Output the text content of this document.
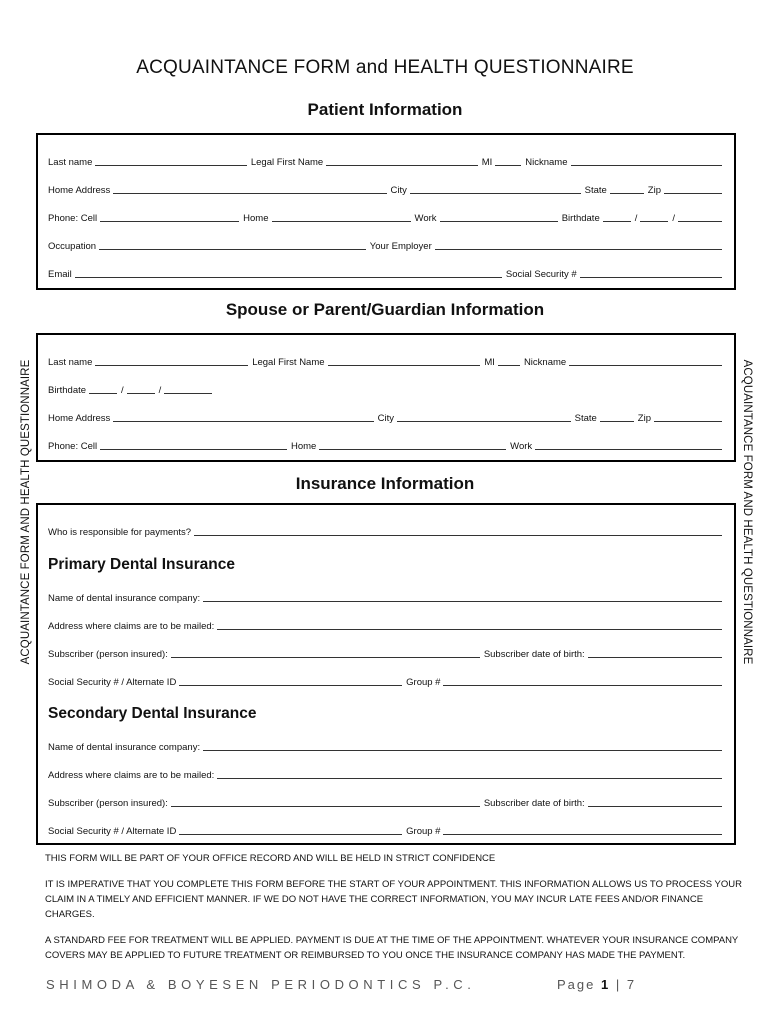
ACQUAINTANCE FORM and HEALTH QUESTIONNAIRE
ACQUAINTANCE FORM AND HEALTH QUESTIONNAIRE	ACQUAINTANCE FORM AND HEALTH QUESTIONNAIRE
Patient Information
Last name	Legal First Name	MI	Nickname
Home Address	City	State	Zip
Phone: Cell	Home	Work	Birthdate	/	/
Occupation	Your Employer
Email	Social Security #
Spouse or Parent/Guardian Information
Last name	Legal First Name	MI	Nickname
Birthdate	/	/
Home Address	City	State	Zip
Phone: Cell	Home	Work
Insurance Information
Who is responsible for payments?
Primary Dental Insurance
Name of dental insurance company:
Address where claims are to be mailed:
Subscriber (person insured):	Subscriber date of birth:
Social Security # / Alternate ID	Group #
Secondary Dental Insurance
Name of dental insurance company:
Address where claims are to be mailed:
Subscriber (person insured):	Subscriber date of birth:
Social Security # / Alternate ID	Group #
THIS FORM WILL BE PART OF YOUR OFFICE RECORD AND WILL BE HELD IN STRICT CONFIDENCE
IT IS IMPERATIVE THAT YOU COMPLETE THIS FORM BEFORE THE START OF YOUR APPOINTMENT. THIS INFORMATION ALLOWS US TO PROCESS YOUR CLAIM IN A TIMELY AND EFFICIENT MANNER. IF WE DO NOT HAVE THE CORRECT INFORMATION, YOU MAY INCUR LATE FEES AND/OR FINANCE CHARGES.
A STANDARD FEE FOR TREATMENT WILL BE APPLIED. PAYMENT IS DUE AT THE TIME OF THE APPOINTMENT. WHATEVER YOUR INSURANCE COMPANY COVERS MAY BE APPLIED TO FUTURE TREATMENT OR REIMBURSED TO YOU ONCE THE INSURANCE COMPANY HAS MADE THE PAYMENT.
SHIMODA & BOYESEN PERIODONTICS P.C.	Page 1 | 7
